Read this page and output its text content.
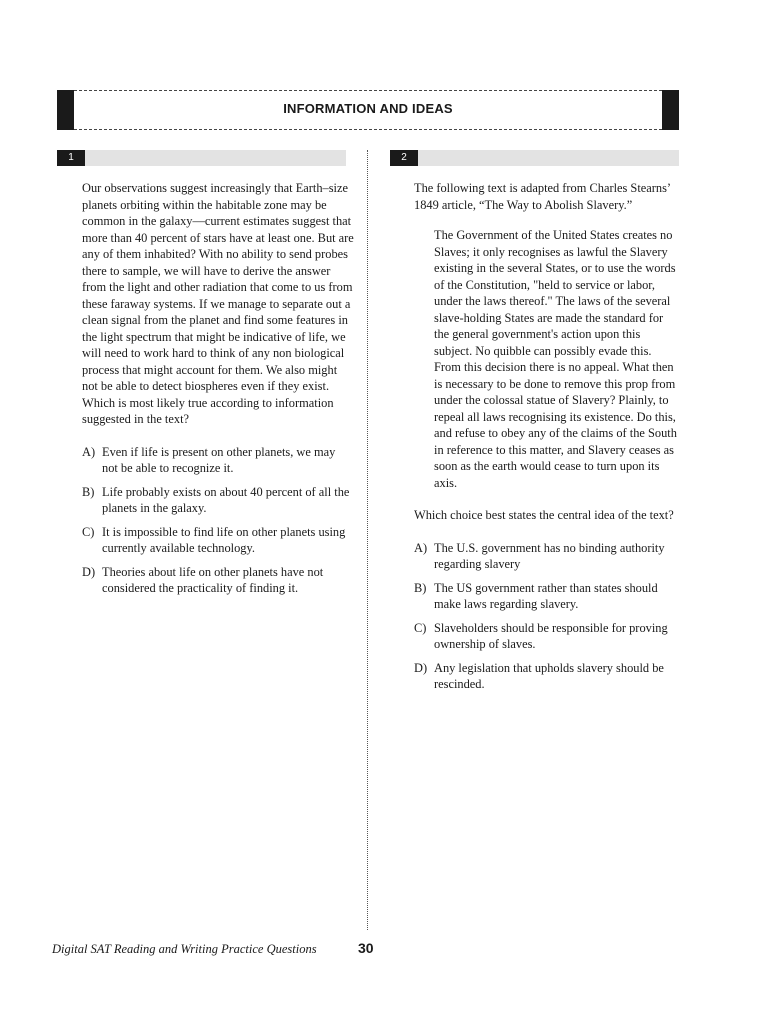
INFORMATION AND IDEAS
1	2

Our observations suggest increasingly that Earth–size planets orbiting within the habitable zone may be common in the galaxy—current estimates suggest that more than 40 percent of stars have at least one. But are any of them inhabited? With no ability to send probes there to sample, we will have to derive the answer from the light and other radiation that come to us from these faraway systems. If we manage to separate out a clean signal from the planet and find some features in the light spectrum that might be indicative of life, we will need to work hard to think of any non biological process that might account for them. We also might not be able to detect biospheres even if they exist.

Which is most likely true according to information suggested in the text?

A) Even if life is present on other planets, we may not be able to recognize it.
B) Life probably exists on about 40 percent of all the planets in the galaxy.
C) It is impossible to find life on other planets using currently available technology.
D) Theories about life on other planets have not considered the practicality of finding it.

The following text is adapted from Charles Stearns’ 1849 article, “The Way to Abolish Slavery.”

The Government of the United States creates no Slaves; it only recognises as lawful the Slavery existing in the several States, or to use the words of the Constitution, "held to service or labor, under the laws thereof." The laws of the several slave-holding States are made the standard for the general government's action upon this subject. No quibble can possibly evade this. From this decision there is no appeal. What then is necessary to be done to remove this prop from under the colossal statue of Slavery? Plainly, to repeal all laws recognising its existence. Do this, and refuse to obey any of the claims of the South in reference to this matter, and Slavery ceases as soon as the earth would cease to turn upon its axis.

Which choice best states the central idea of the text?

A) The U.S. government has no binding authority regarding slavery
B) The US government rather than states should make laws regarding slavery.
C) Slaveholders should be responsible for proving ownership of slaves.
D) Any legislation that upholds slavery should be rescinded.
Digital SAT Reading and Writing Practice Questions	30
